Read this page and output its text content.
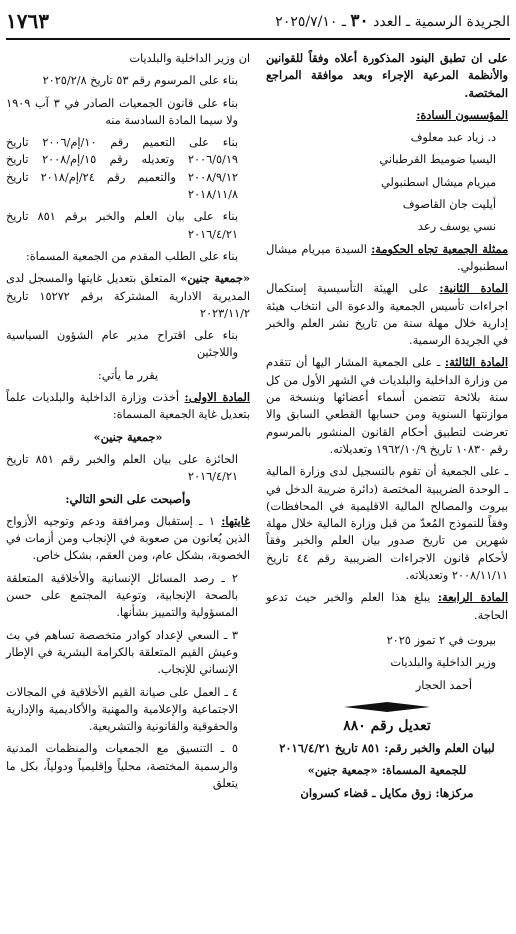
الجريدة الرسمية ـ العدد ٣٠ ـ ٢٠٢٥/٧/١٠
١٧٦٣

على ان تطبق البنود المذكورة أعلاه وفقاً للقوانين والأنظمة المرعية الإجراء وبعد موافقة المراجع المختصة.

المؤسسون السادة:

د. زياد عبد معلوف

اليسيا ضوميط القرطباني

ميريام ميشال اسطنبولي

أيليت جان القاصوف

نسي يوسف رعد

ممثلة الجمعية تجاه الحكومة: السيدة ميريام ميشال اسطنبولي.

المادة الثانية: على الهيئة التأسيسية إستكمال اجراءات تأسيس الجمعية والدعوة الى انتخاب هيئة إدارية خلال مهلة سنة من تاريخ نشر العلم والخبر في الجريدة الرسمية.

المادة الثالثة: ـ على الجمعية المشار اليها أن تتقدم من وزارة الداخلية والبلديات في الشهر الأول من كل سنة بلائحة تتضمن أسماء أعضائها وبنسخة من موازنتها السنوية ومن حسابها القطعي السابق والا تعرضت لتطبيق أحكام القانون المنشور بالمرسوم رقم ١٠٨٣٠ تاريخ ١٩٦٢/١٠/٩ وتعديلاته.

ـ على الجمعية أن تقوم بالتسجيل لدى وزارة المالية ـ الوحدة الضريبية المختصة (دائرة ضريبة الدخل في بيروت والمصالح المالية الاقليمية في المحافظات) وفقاً للنموذج المُعدّ من قبل وزارة المالية خلال مهلة شهرين من تاريخ صدور بيان العلم والخبر وفقاً لأحكام قانون الاجراءات الضريبية رقم ٤٤ تاريخ ٢٠٠٨/١١/١١ وتعديلاته.

المادة الرابعة: يبلغ هذا العلم والخبر حيث تدعو الحاجة.

بيروت في ٢ تموز ٢٠٢٥

وزير الداخلية والبلديات

أحمد الحجار

تعديل رقم ٨٨٠

لبيان العلم والخبر رقم: ٨٥١ تاريخ ٢٠١٦/٤/٢١

للجمعية المسماة: «جمعية جنين»

مركزها: زوق مكايل ـ قضاء كسروان

ان وزير الداخلية والبلديات

بناء على المرسوم رقم ٥٣ تاريخ ٢٠٢٥/٢/٨

بناء على قانون الجمعيات الصادر في ٣ آب ١٩٠٩ ولا سيما المادة السادسة منه

بناء على التعميم رقم ١٠/إم/٢٠٠٦ تاريخ ٢٠٠٦/٥/١٩ وتعديله رقم ١٥/إم/٢٠٠٨ تاريخ ٢٠٠٨/٩/١٢ والتعميم رقم ٢٤/إم/٢٠١٨ تاريخ ٢٠١٨/١١/٨

بناء على بيان العلم والخبر برقم ٨٥١ تاريخ ٢٠١٦/٤/٢١

بناء على الطلب المقدم من الجمعية المسماة:

«جمعية جنين» المتعلق بتعديل غايتها والمسجل لدى المديرية الادارية المشتركة برقم ١٥٢٧٢ تاريخ ٢٠٢٣/١١/٢

بناء على اقتراح مدير عام الشؤون السياسية واللاجئين

يقرر ما يأتي:

المادة الاولى: أخذت وزارة الداخلية والبلديات علماً بتعديل غاية الجمعية المسماة:

«جمعية جنين»

الحائزة على بيان العلم والخبر رقم ٨٥١ تاريخ ٢٠١٦/٤/٢١

وأصبحت على النحو التالي:

غايتها: ١ ـ إستقبال ومرافقة ودعم وتوجيه الأزواج الذين يُعانون من صعوبة في الإنجاب ومن أزمات في الخصوبة، بشكل عام، ومن العقم، بشكل خاص.

٢ ـ رصد المسائل الإنسانية والأخلاقية المتعلقة بالصحة الإنجابية، وتوعية المجتمع على حسن المسؤولية والتمييز بشأنها.

٣ ـ السعي لإعداد كوادر متخصصة تساهم في بث وعيش القيم المتعلقة بالكرامة البشرية في الإطار الإنساني للإنجاب.

٤ ـ العمل على صيانة القيم الأخلاقية في المجالات الاجتماعية والإعلامية والمهنية والأكاديمية والإدارية والحقوقية والقانونية والتشريعية.

٥ ـ التنسيق مع الجمعيات والمنظمات المدنية والرسمية المختصة، محلياً وإقليمياً ودولياً، بكل ما يتعلق
